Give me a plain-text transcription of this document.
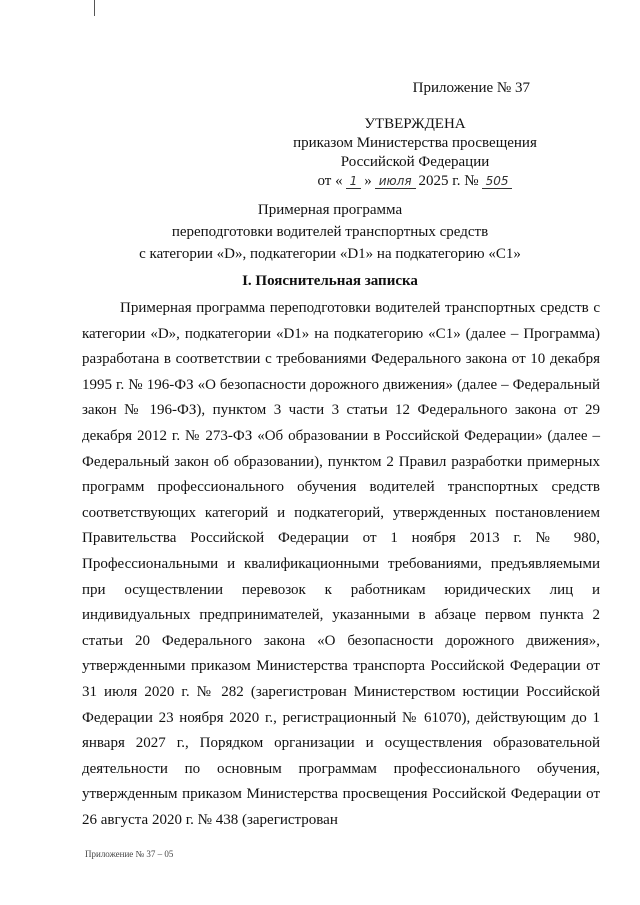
Приложение № 37
УТВЕРЖДЕНА
приказом Министерства просвещения
Российской Федерации
от « 1 » июля 2025 г. № 505
Примерная программа
переподготовки водителей транспортных средств
с категории «D», подкатегории «D1» на подкатегорию «C1»
I. Пояснительная записка

Примерная программа переподготовки водителей транспортных средств с категории «D», подкатегории «D1» на подкатегорию «C1» (далее – Программа) разработана в соответствии с требованиями Федерального закона от 10 декабря 1995 г. № 196-ФЗ «О безопасности дорожного движения» (далее – Федеральный закон № 196-ФЗ), пунктом 3 части 3 статьи 12 Федерального закона от 29 декабря 2012 г. № 273-ФЗ «Об образовании в Российской Федерации» (далее – Федеральный закон об образовании), пунктом 2 Правил разработки примерных программ профессионального обучения водителей транспортных средств соответствующих категорий и подкатегорий, утвержденных постановлением Правительства Российской Федерации от 1 ноября 2013 г. № 980, Профессиональными и квалификационными требованиями, предъявляемыми при осуществлении перевозок к работникам юридических лиц и индивидуальных предпринимателей, указанными в абзаце первом пункта 2 статьи 20 Федерального закона «О безопасности дорожного движения», утвержденными приказом Министерства транспорта Российской Федерации от 31 июля 2020 г. № 282 (зарегистрован Министерством юстиции Российской Федерации 23 ноября 2020 г., регистрационный № 61070), действующим до 1 января 2027 г., Порядком организации и осуществления образовательной деятельности по основным программам профессионального обучения, утвержденным приказом Министерства просвещения Российской Федерации от 26 августа 2020 г. № 438 (зарегистрован

Приложение № 37 – 05
